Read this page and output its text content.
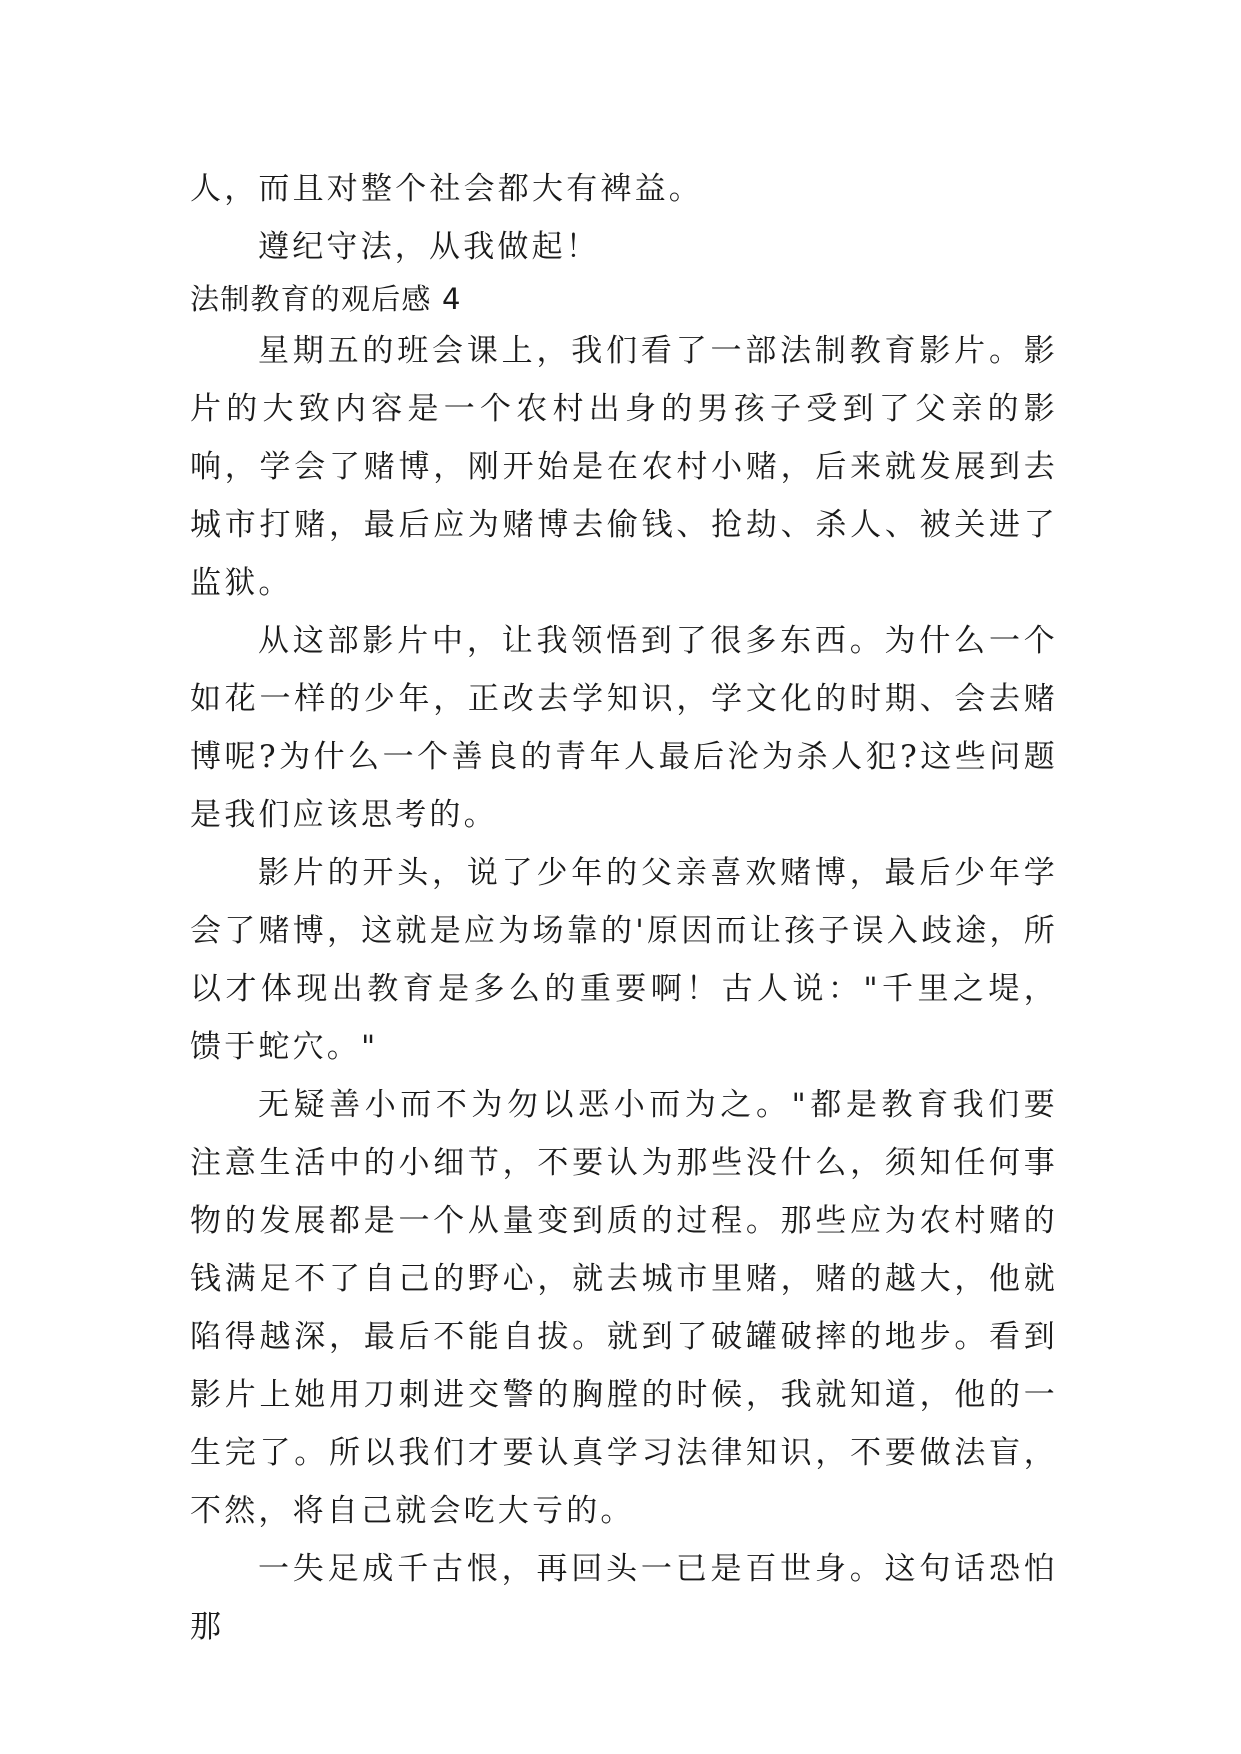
人，而且对整个社会都大有裨益。

遵纪守法，从我做起！

法制教育的观后感 4

星期五的班会课上，我们看了一部法制教育影片。影片的大致内容是一个农村出身的男孩子受到了父亲的影响，学会了赌博，刚开始是在农村小赌，后来就发展到去城市打赌，最后应为赌博去偷钱、抢劫、杀人、被关进了监狱。

从这部影片中，让我领悟到了很多东西。为什么一个如花一样的少年，正改去学知识，学文化的时期、会去赌博呢?为什么一个善良的青年人最后沦为杀人犯?这些问题是我们应该思考的。

影片的开头，说了少年的父亲喜欢赌博，最后少年学会了赌博，这就是应为场靠的'原因而让孩子误入歧途，所以才体现出教育是多么的重要啊！古人说："千里之堤，馈于蛇穴。"

无疑善小而不为勿以恶小而为之。"都是教育我们要注意生活中的小细节，不要认为那些没什么，须知任何事物的发展都是一个从量变到质的过程。那些应为农村赌的钱满足不了自己的野心，就去城市里赌，赌的越大，他就陷得越深，最后不能自拔。就到了破罐破摔的地步。看到影片上她用刀刺进交警的胸膛的时候，我就知道，他的一生完了。所以我们才要认真学习法律知识，不要做法盲，不然，将自己就会吃大亏的。

一失足成千古恨，再回头一已是百世身。这句话恐怕那
